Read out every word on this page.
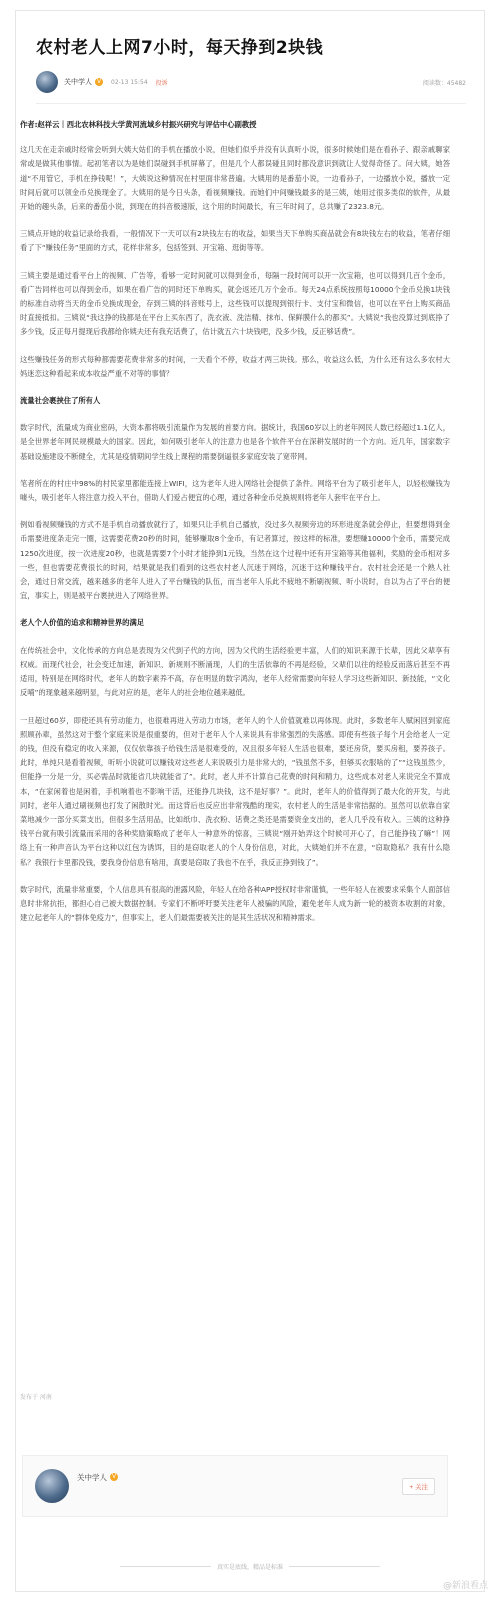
农村老人上网7小时，每天挣到2块钱
关中学人 V	02-13 15:54 投诉	阅读数：45482

作者:赵祥云｜西北农林科技大学黄河流域乡村振兴研究与评估中心副教授

这几天在走亲戚时经常会听到大姨大姑们的手机在播放小说，但她们似乎并没有认真听小说，很多时候她们是在看孙子、跟亲戚聊家常或是做其他事情。起初笔者以为是她们误碰到手机屏幕了，但是几个人都误碰且同时都没意识到就让人觉得奇怪了。问大姨，她答道“不用管它，手机在挣钱呢！”，大姨说这种情况在村里面非常普遍。大姨用的是番茄小说，一边看孙子，一边播放小说，播放一定时间后就可以领金币兑换现金了。大姨用的是今日头条，看视频赚钱。而她们中间赚钱最多的是三姨，她用过很多类似的软件，从最开始的趣头条，后来的番茄小说，到现在的抖音极速版，这个用的时间最长，有三年时间了，总共赚了2323.8元。

三姨点开她的收益记录给我看，一般情况下一天可以有2块钱左右的收益，如果当天下单购买商品就会有8块钱左右的收益，笔者仔细看了下“赚钱任务”里面的方式，花样非常多，包括签到、开宝箱、逛街等等。

三姨主要是通过看平台上的视频、广告等，看够一定时间就可以得到金币，每隔一段时间可以开一次宝箱，也可以得到几百个金币，看广告同样也可以得到金币，如果在看广告的同时还下单购买，就会返还几万个金币。每天24点系统按照每10000个金币兑换1块钱的标准自动将当天的金币兑换成现金，存到三姨的抖音账号上，这些钱可以提现到银行卡、支付宝和微信，也可以在平台上购买商品时直接抵扣。三姨说“我这挣的钱都是在平台上买东西了，洗衣液、洗洁精、抹布、保鲜膜什么的都买”。大姨说“我也没算过到底挣了多少钱，反正每月提现后我都给你姨夫还有我充话费了，估计就五六十块钱吧，没多少钱，反正够话费”。

这些赚钱任务的形式每种都需要花费非常多的时间，一天看个不停，收益才两三块钱。那么，收益这么低，为什么还有这么多农村大妈迷恋这种看起来成本收益严重不对等的事情？

流量社会裹挟住了所有人

数字时代，流量成为商业密码，大资本都将吸引流量作为发展的首要方向。据统计，我国60岁以上的老年网民人数已经超过1.1亿人，是全世界老年网民规模最大的国家。因此，如何吸引老年人的注意力也是各个软件平台在深耕发展时的一个方向。近几年，国家数字基础设施建设不断健全，尤其是疫情期间学生线上课程的需要倒逼很多家庭安装了宽带网。

笔者所在的村庄中98%的村民家里都能连接上WIFI，这为老年人进入网络社会提供了条件。网络平台为了吸引老年人，以轻松赚钱为噱头，吸引老年人将注意力投入平台，借助人们爱占便宜的心理，通过各种金币兑换规则将老年人套牢在平台上。

例如看视频赚钱的方式不是手机自动播放就行了，如果只让手机自己播放，没过多久视频旁边的环形进度条就会停止，但要想得到金币需要进度条走完一圈，这需要花费20秒的时间，能够赚取8个金币，有记者算过，按这样的标准，要想赚10000个金币，需要完成1250次进度，按一次进度20秒，也就是需要7个小时才能挣到1元钱，当然在这个过程中还有开宝箱等其他福利，奖励的金币相对多一些，但也需要花费很长的时间，结果就是我们看到的这些农村老人沉迷于网络，沉迷于这种赚钱平台。农村社会还是一个熟人社会，通过日常交流，越来越多的老年人进入了平台赚钱的队伍，而当老年人乐此不疲地不断刷视频、听小说时，自以为占了平台的便宜，事实上，则是被平台裹挟进入了网络世界。

老人个人价值的追求和精神世界的满足

在传统社会中，文化传承的方向总是表现为父代到子代的方向，因为父代的生活经验更丰富，人们的知识来源于长辈，因此父辈享有权威。而现代社会，社会变迁加速，新知识、新规则不断涌现，人们的生活依靠的不再是经验，父辈们以往的经验反而落后甚至不再适用，特别是在网络时代，老年人的数字素养不高，存在明显的数字鸿沟，老年人经常需要向年轻人学习这些新知识、新技能，“文化反哺”的现象越来越明显，与此对应的是，老年人的社会地位越来越低。

一旦超过60岁，即使还具有劳动能力，也很难再进入劳动力市场，老年人的个人价值就难以再体现。此时，多数老年人赋闲回到家庭照顾孙辈，虽然这对于整个家庭来说是很重要的，但对于老年人个人来说具有非常强烈的失落感。即使有些孩子每个月会给老人一定的钱，但没有稳定的收入来源，仅仅依靠孩子给钱生活是很难受的，况且很多年轻人生活也很难，要还房贷，要买房租，要养孩子。此时，单纯只是看着视频，听听小说就可以赚钱对这些老人来说吸引力是非常大的，“钱虽然不多，但够买衣服啥的了”“这钱虽然少，但能挣一分是一分，买必需品时就能省几块就能省了”。此时，老人并不计算自己花费的时间和精力，这些成本对老人来说完全不算成本，“在家闲着也是闲着，手机响着也不影响干活，还能挣几块钱，这不是好事？”。此时，老年人的价值得到了最大化的开发，与此同时，老年人通过刷视频也打发了闲散时光。而这背后也反应出非常残酷的现实，农村老人的生活是非常拮据的。虽然可以依靠自家菜地减少一部分买菜支出，但很多生活用品，比如纸巾、洗衣粉、话费之类还是需要资金支出的，老人几乎没有收入。三姨的这种挣钱平台就有吸引流量而采用的各种奖励策略成了老年人一种意外的惊喜，三姨说“刚开始弄这个时候可开心了，自己能挣钱了嘛”！网络上有一种声音认为平台这种以红包为诱饵，目的是窃取老人的个人身份信息，对此，大姨她们并不在意，“窃取隐私？我有什么隐私？我银行卡里都没钱，要我身份信息有啥用，真要是窃取了我也不在乎，我反正挣到钱了”。

数字时代，流量非常重要，个人信息具有很高的泄露风险，年轻人在给各种APP授权时非常谨慎，一些年轻人在被要求采集个人面部信息时非常抗拒，都担心自己被大数据控制。专家们不断呼吁要关注老年人被骗的风险，避免老年人成为新一轮的被资本收割的对象，建立起老年人的“群体免疫力”，但事实上，老人们最需要被关注的是其生活状况和精神需求。

发布于 河南
关中学人 V
+ 关注
真实是底线，精品是标准
@新浪看点
